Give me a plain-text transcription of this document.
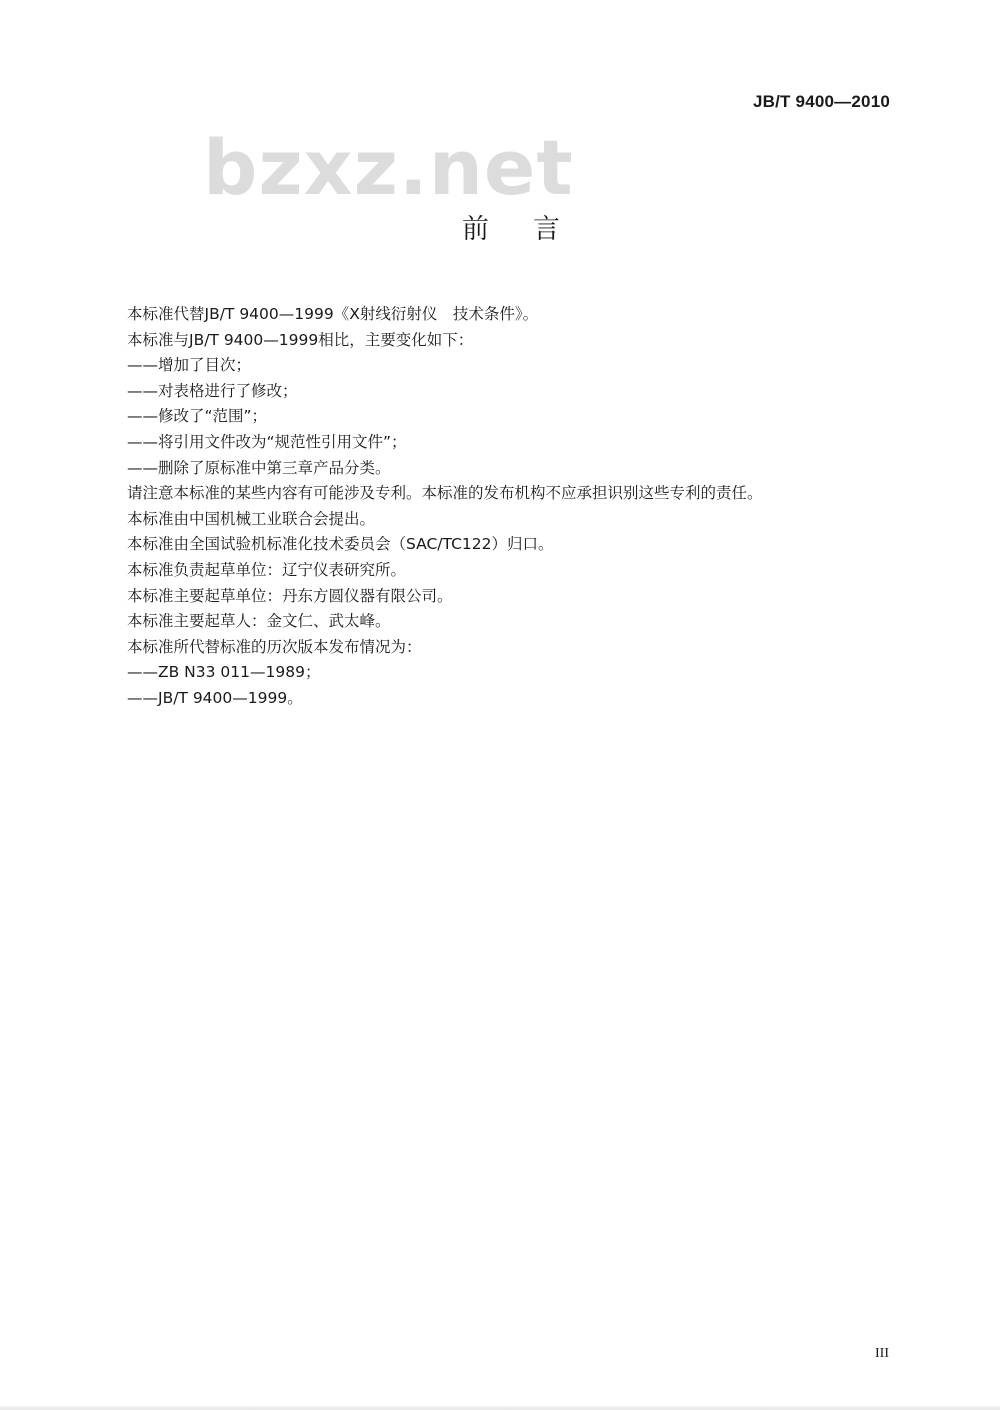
JB/T 9400—2010
bzxz.net
前言
本标准代替JB/T 9400—1999《X射线衍射仪　技术条件》。
本标准与JB/T 9400—1999相比，主要变化如下：
——增加了目次；
——对表格进行了修改；
——修改了“范围”；
——将引用文件改为“规范性引用文件”；
——删除了原标准中第三章产品分类。
请注意本标准的某些内容有可能涉及专利。本标准的发布机构不应承担识别这些专利的责任。
本标准由中国机械工业联合会提出。
本标准由全国试验机标准化技术委员会（SAC/TC122）归口。
本标准负责起草单位：辽宁仪表研究所。
本标准主要起草单位：丹东方圆仪器有限公司。
本标准主要起草人：金文仁、武太峰。
本标准所代替标准的历次版本发布情况为：
——ZB N33 011—1989；
——JB/T 9400—1999。
III
